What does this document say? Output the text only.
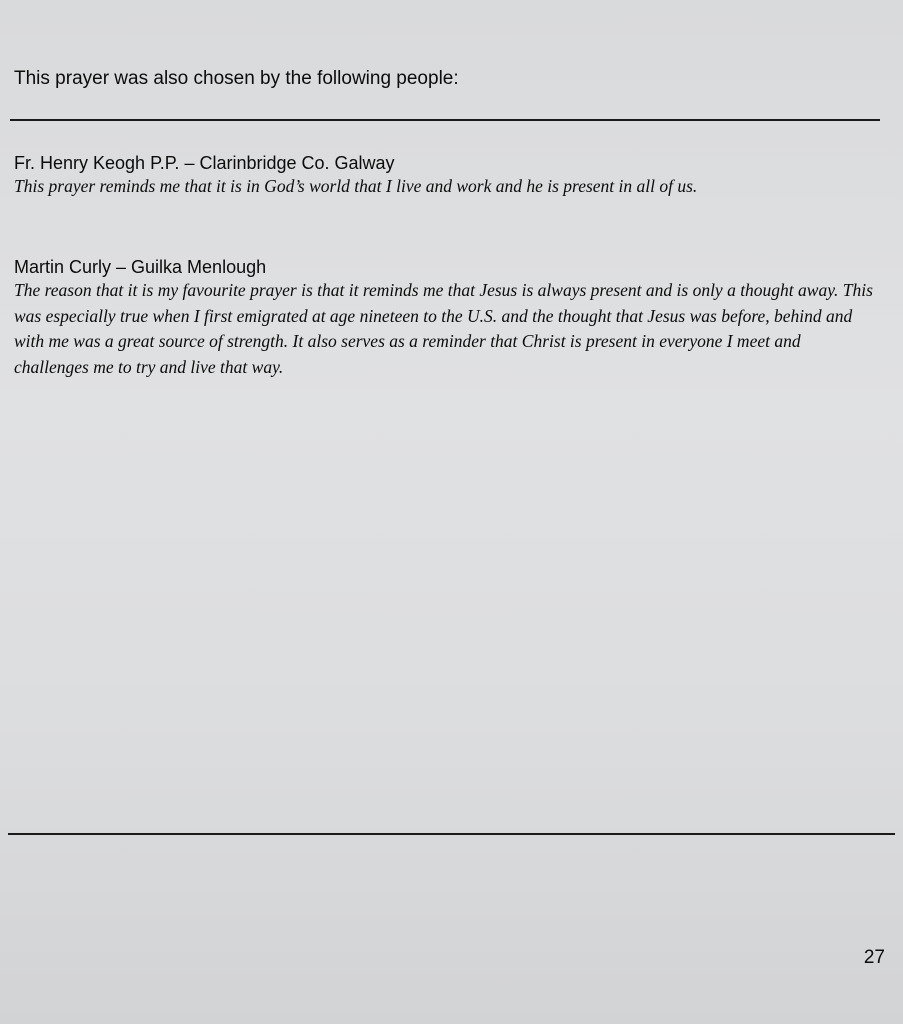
This prayer was also chosen by the following people:
Fr. Henry Keogh P.P. – Clarinbridge Co. Galway
This prayer reminds me that it is in God’s world that I live and work and he is present in all of us.
Martin Curly – Guilka Menlough
The reason that it is my favourite prayer is that it reminds me that Jesus is always present and is only a thought away. This was especially true when I first emigrated at age nineteen to the U.S. and the thought that Jesus was before, behind and with me was a great source of strength. It also serves as a reminder that Christ is present in everyone I meet and challenges me to try and live that way.
27
